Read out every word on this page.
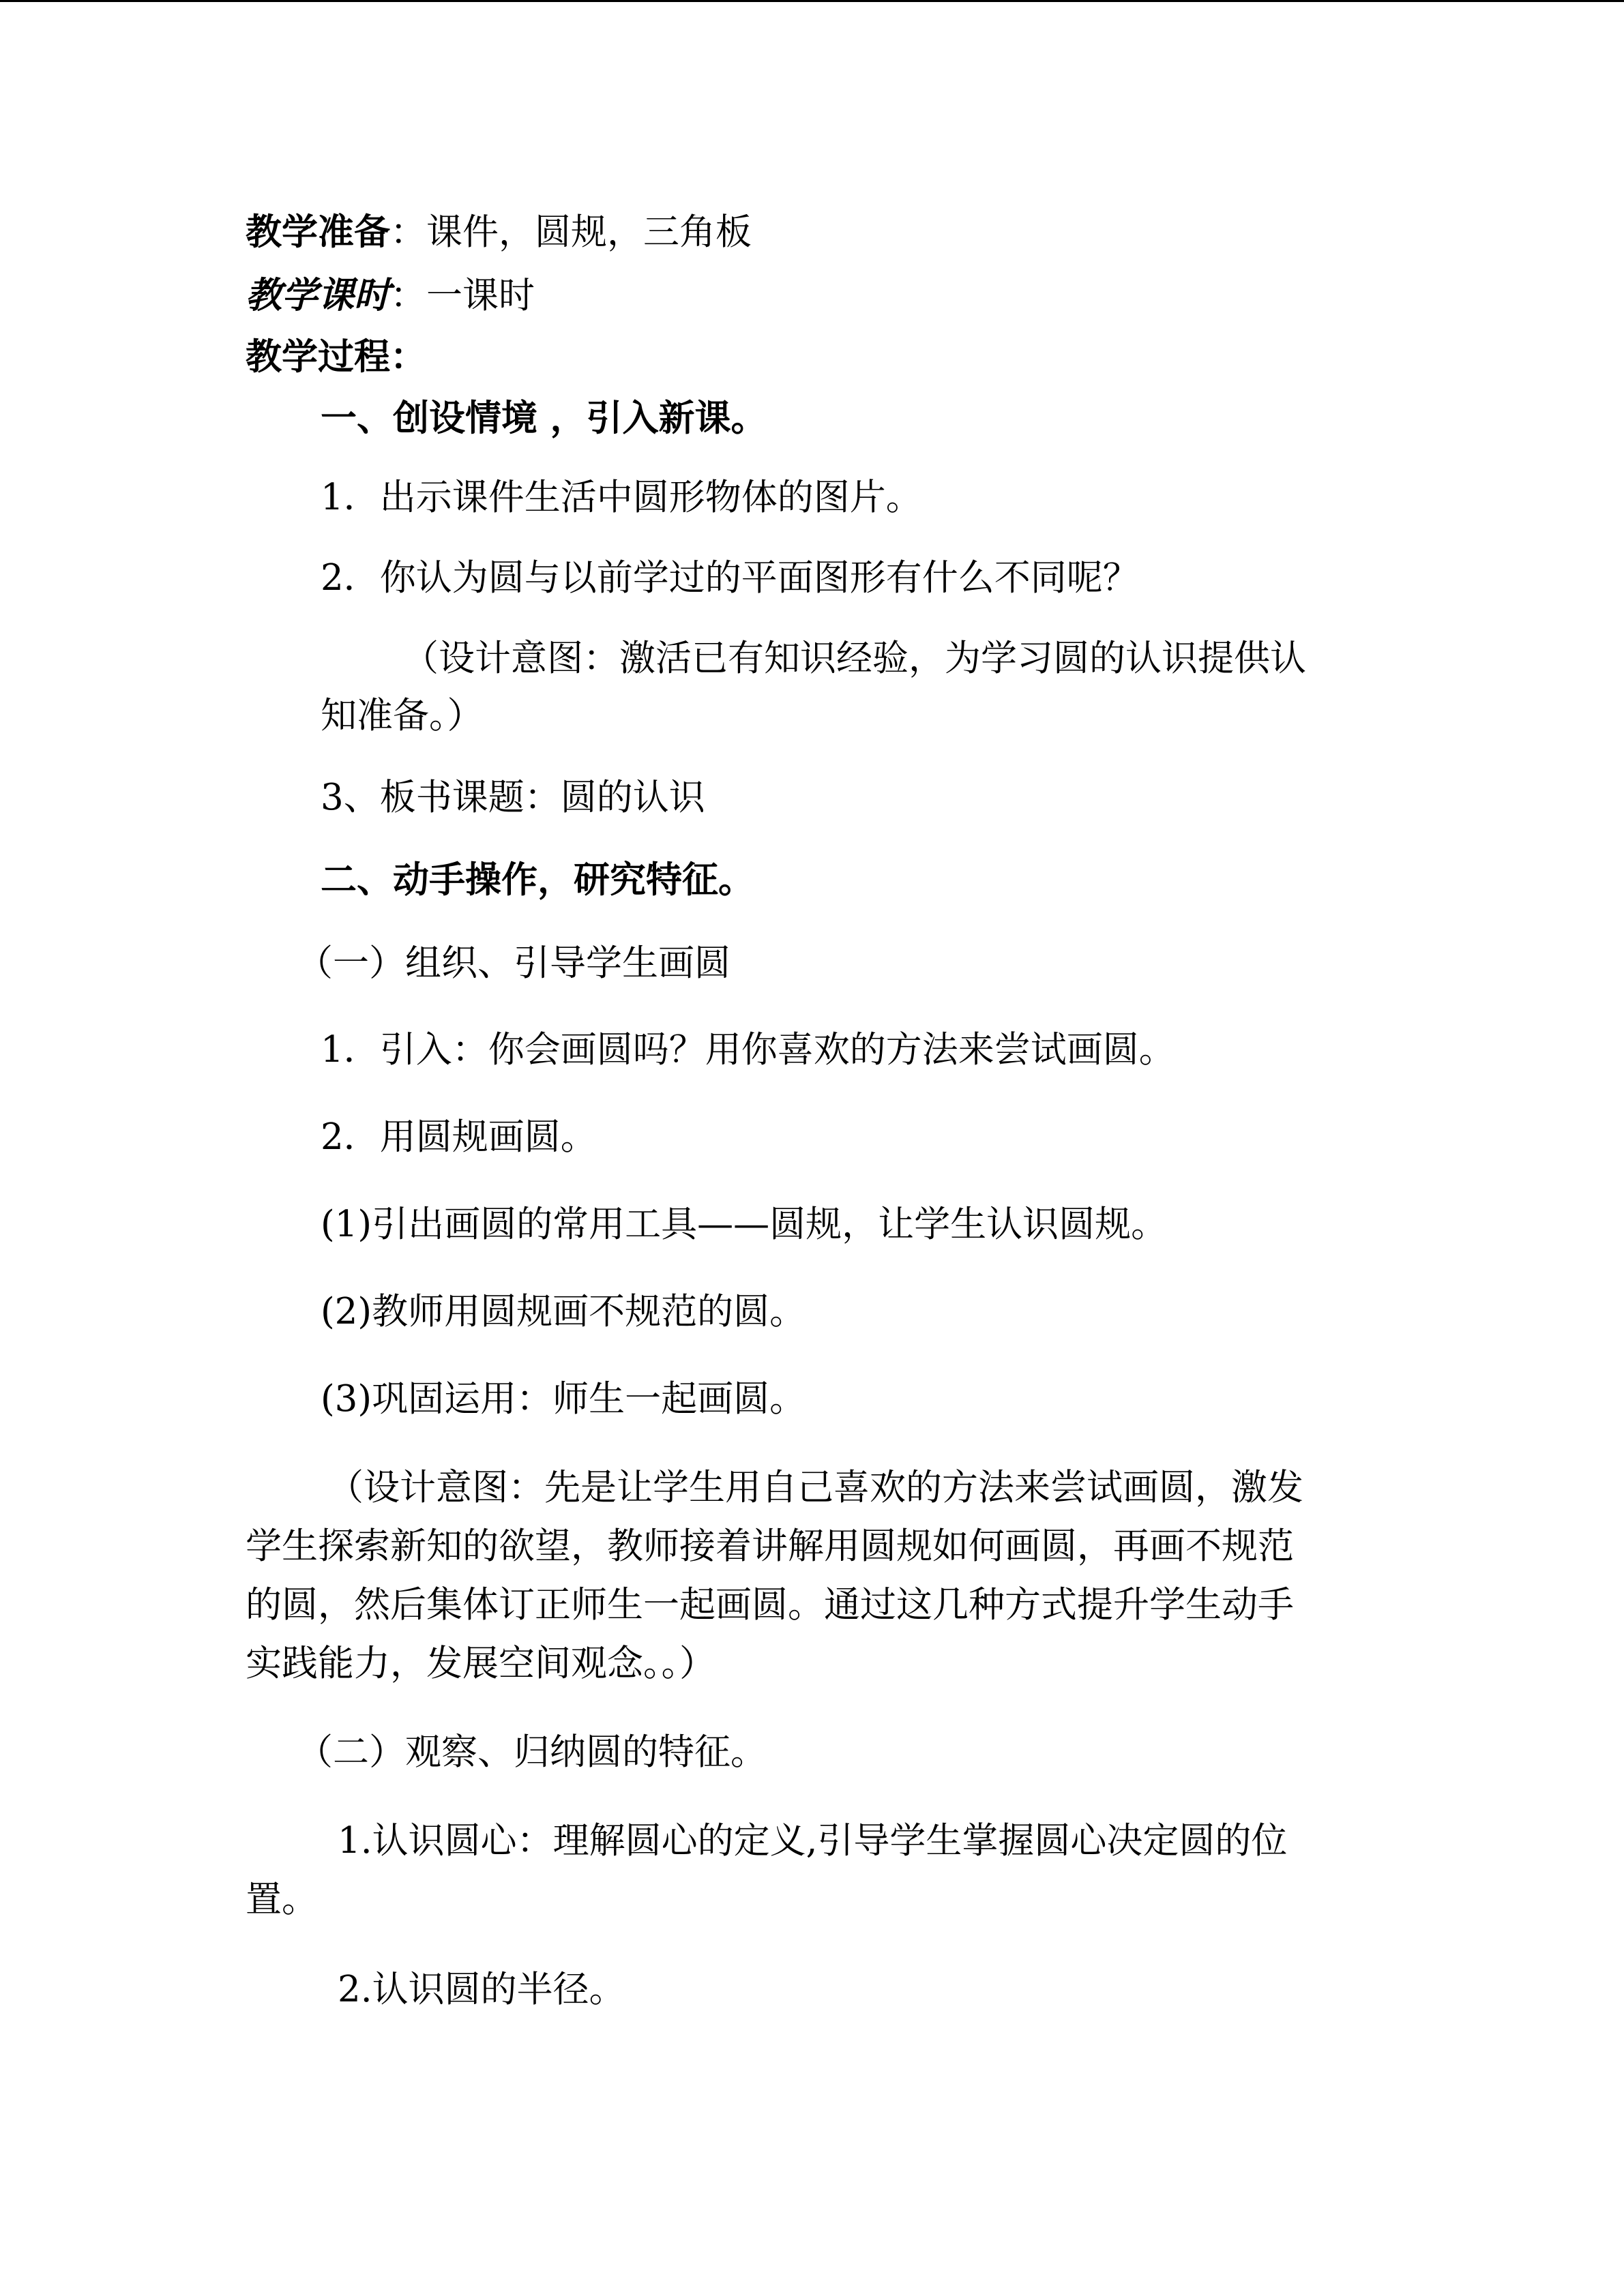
教学准备：课件，圆规，三角板
教学课时：一课时
教学过程：
一、创设情境 ，引入新课。
1．出示课件生活中圆形物体的图片。
2．你认为圆与以前学过的平面图形有什么不同呢？
（设计意图：激活已有知识经验，为学习圆的认识提供认
知准备。）
3、板书课题：圆的认识
二、动手操作，研究特征。
（一）组织、引导学生画圆
1．引入：你会画圆吗？用你喜欢的方法来尝试画圆。
2．用圆规画圆。
(1)引出画圆的常用工具——圆规，让学生认识圆规。
(2)教师用圆规画不规范的圆。
(3)巩固运用：师生一起画圆。
（设计意图：先是让学生用自己喜欢的方法来尝试画圆，激发
学生探索新知的欲望，教师接着讲解用圆规如何画圆，再画不规范
的圆，然后集体订正师生一起画圆。通过这几种方式提升学生动手
实践能力，发展空间观念。。）
（二）观察、归纳圆的特征。
1.认识圆心：理解圆心的定义,引导学生掌握圆心决定圆的位
置。
2.认识圆的半径。
